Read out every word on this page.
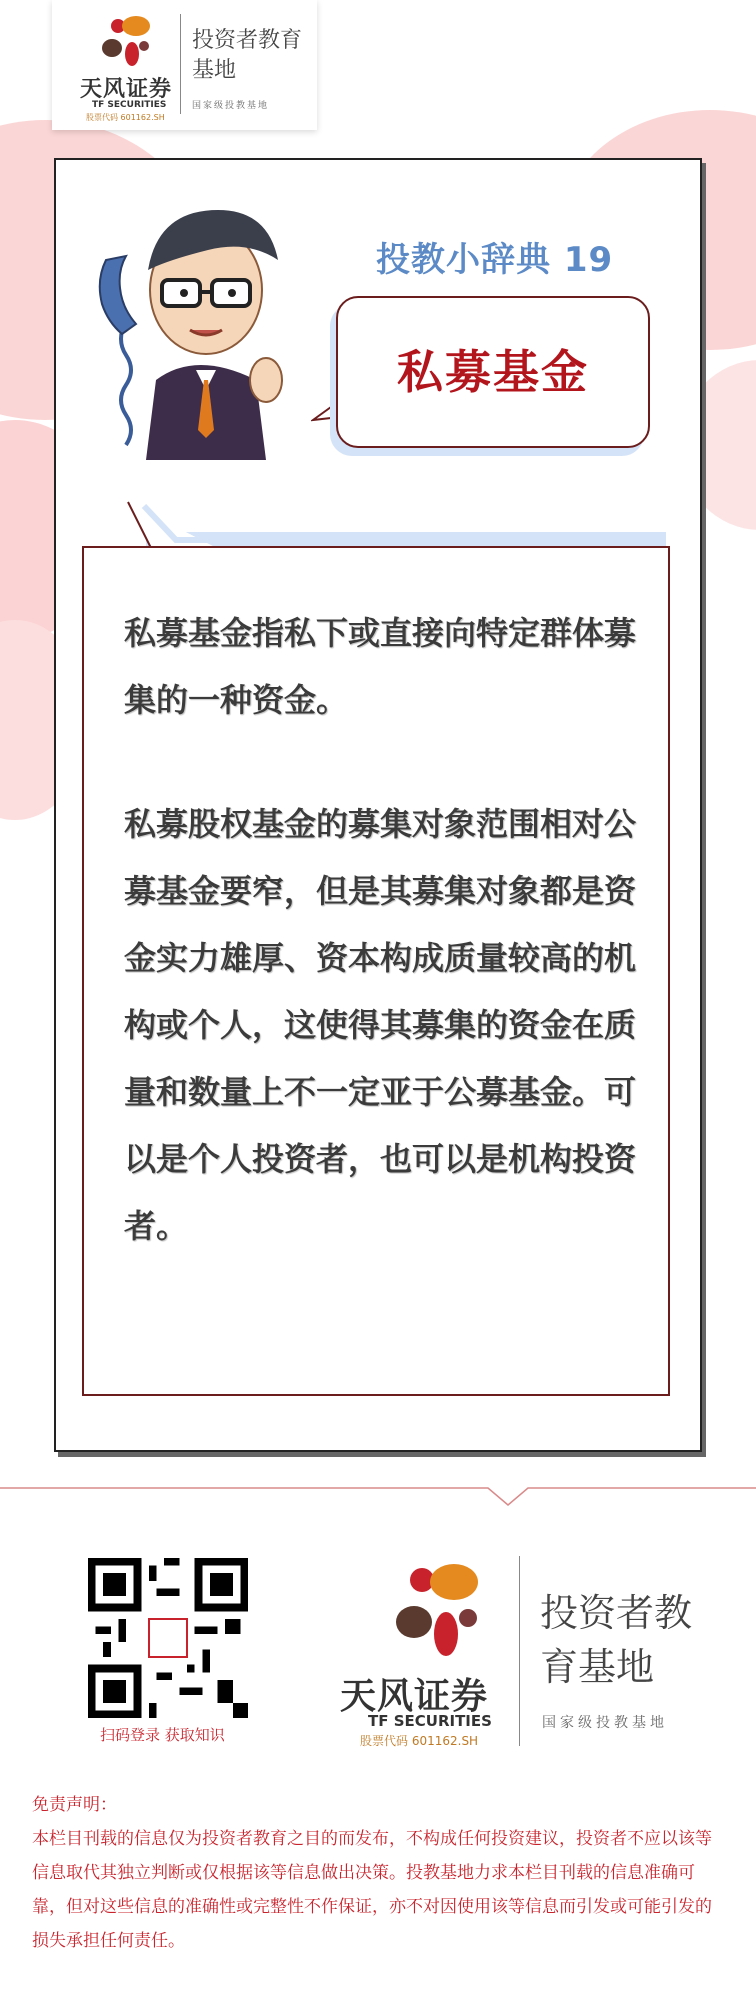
天风证券
TF SECURITIES
股票代码 601162.SH
投资者教育基地
国家级投教基地
投教小辞典 19
私募基金
私募基金指私下或直接向特定群体募集的一种资金。
私募股权基金的募集对象范围相对公募基金要窄，但是其募集对象都是资金实力雄厚、资本构成质量较高的机构或个人，这使得其募集的资金在质量和数量上不一定亚于公募基金。可以是个人投资者，也可以是机构投资者。
扫码登录 获取知识
天风证券
TF SECURITIES
股票代码 601162.SH
投资者教育基地
国家级投教基地
免责声明：
本栏目刊载的信息仅为投资者教育之目的而发布，不构成任何投资建议，投资者不应以该等信息取代其独立判断或仅根据该等信息做出决策。投教基地力求本栏目刊载的信息准确可靠，但对这些信息的准确性或完整性不作保证，亦不对因使用该等信息而引发或可能引发的损失承担任何责任。
